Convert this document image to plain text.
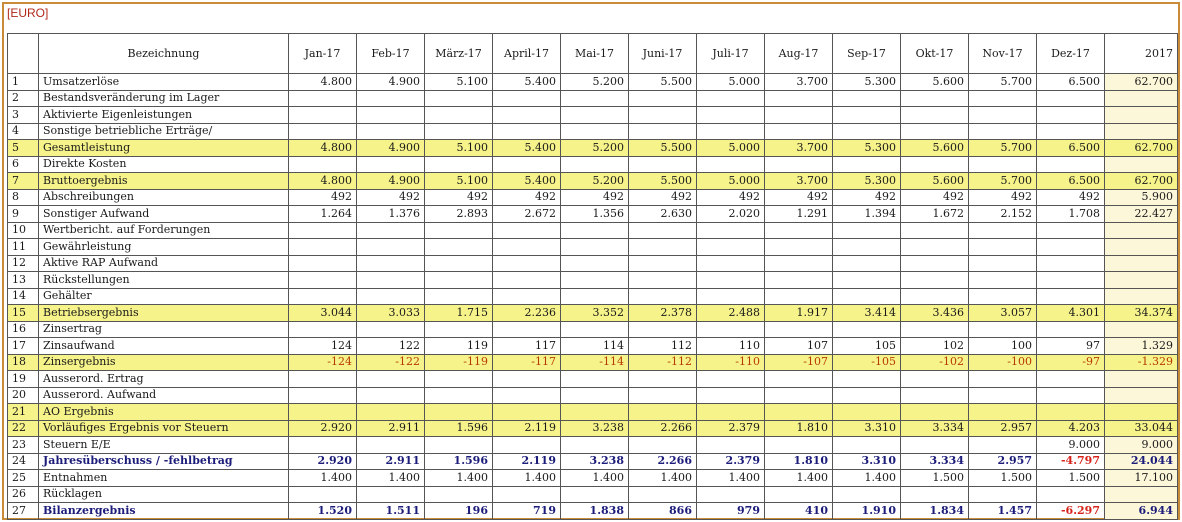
[EURO]
	Bezeichnung	Jan-17	Feb-17	März-17	April-17	Mai-17	Juni-17	Juli-17	Aug-17	Sep-17	Okt-17	Nov-17	Dez-17	2017
1	Umsatzerlöse	4.800	4.900	5.100	5.400	5.200	5.500	5.000	3.700	5.300	5.600	5.700	6.500	62.700
2	Bestandsveränderung im Lager													
3	Aktivierte Eigenleistungen													
4	Sonstige betriebliche Erträge/													
5	Gesamtleistung	4.800	4.900	5.100	5.400	5.200	5.500	5.000	3.700	5.300	5.600	5.700	6.500	62.700
6	Direkte Kosten													
7	Bruttoergebnis	4.800	4.900	5.100	5.400	5.200	5.500	5.000	3.700	5.300	5.600	5.700	6.500	62.700
8	Abschreibungen	492	492	492	492	492	492	492	492	492	492	492	492	5.900
9	Sonstiger Aufwand	1.264	1.376	2.893	2.672	1.356	2.630	2.020	1.291	1.394	1.672	2.152	1.708	22.427
10	Wertbericht. auf Forderungen													
11	Gewährleistung													
12	Aktive RAP Aufwand													
13	Rückstellungen													
14	Gehälter													
15	Betriebsergebnis	3.044	3.033	1.715	2.236	3.352	2.378	2.488	1.917	3.414	3.436	3.057	4.301	34.374
16	Zinsertrag													
17	Zinsaufwand	124	122	119	117	114	112	110	107	105	102	100	97	1.329
18	Zinsergebnis	-124	-122	-119	-117	-114	-112	-110	-107	-105	-102	-100	-97	-1.329
19	Ausserord. Ertrag													
20	Ausserord. Aufwand													
21	AO Ergebnis													
22	Vorläufiges Ergebnis vor Steuern	2.920	2.911	1.596	2.119	3.238	2.266	2.379	1.810	3.310	3.334	2.957	4.203	33.044
23	Steuern E/E												9.000	9.000
24	Jahresüberschuss / -fehlbetrag	2.920	2.911	1.596	2.119	3.238	2.266	2.379	1.810	3.310	3.334	2.957	-4.797	24.044
25	Entnahmen	1.400	1.400	1.400	1.400	1.400	1.400	1.400	1.400	1.400	1.500	1.500	1.500	17.100
26	Rücklagen													
27	Bilanzergebnis	1.520	1.511	196	719	1.838	866	979	410	1.910	1.834	1.457	-6.297	6.944
